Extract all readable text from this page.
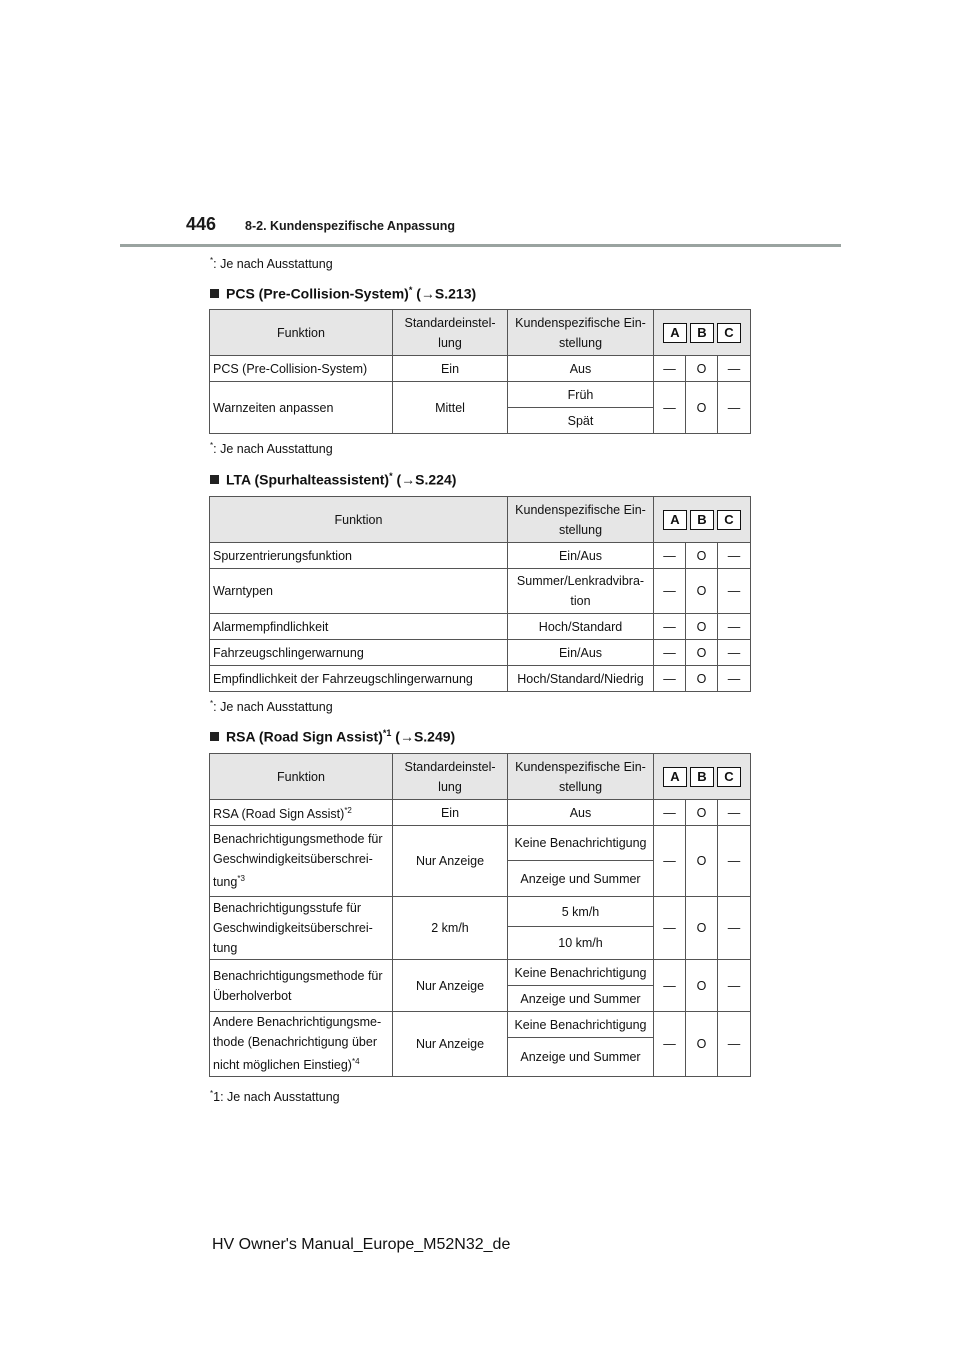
446 8-2. Kundenspezifische Anpassung
*: Je nach Ausstattung
PCS (Pre-Collision-System)* (→S.213)
Funktion	Standardeinstel-lung	Kundenspezifische Ein-stellung	A B C		

PCS (Pre-Collision-System)	Ein	Aus	—	O	—
Warnzeiten anpassen	Mittel	Früh	—	O	—
		Spät			
*: Je nach Ausstattung
LTA (Spurhalteassistent)* (→S.224)
Funktion	Kundenspezifische Ein-stellung	A B C		

Spurzentrierungsfunktion	Ein/Aus	—	O	—
Warntypen	Summer/Lenkradvibra-tion	—	O	—
Alarmempfindlichkeit	Hoch/Standard	—	O	—
Fahrzeugschlingerwarnung	Ein/Aus	—	O	—
Empfindlichkeit der Fahrzeugschlingerwarnung	Hoch/Standard/Niedrig	—	O	—
*: Je nach Ausstattung
RSA (Road Sign Assist)$^{*1}$ (→S.249)
Funktion	Standardeinstel-lung	Kundenspezifische Ein-stellung	A B C		

RSA (Road Sign Assist)$^{*2}$	Ein	Aus	—	O	—
Benachrichtigungsmethode für Geschwindigkeitsüberschrei-tung$^{*3}$	Nur Anzeige	Keine Benachrichtigung	—	O	—
		Anzeige und Summer			
Benachrichtigungsstufe für Geschwindigkeitsüberschrei-tung	2 km/h	5 km/h	—	O	—
		10 km/h			
Benachrichtigungsmethode für Überholverbot	Nur Anzeige	Keine Benachrichtigung	—	O	—
		Anzeige und Summer			
Andere Benachrichtigungsme-thode (Benachrichtigung über nicht möglichen Einstieg)$^{*4}$	Nur Anzeige	Keine Benachrichtigung	—	O	—
		Anzeige und Summer			
*1: Je nach Ausstattung
HV Owner's Manual_Europe_M52N32_de
